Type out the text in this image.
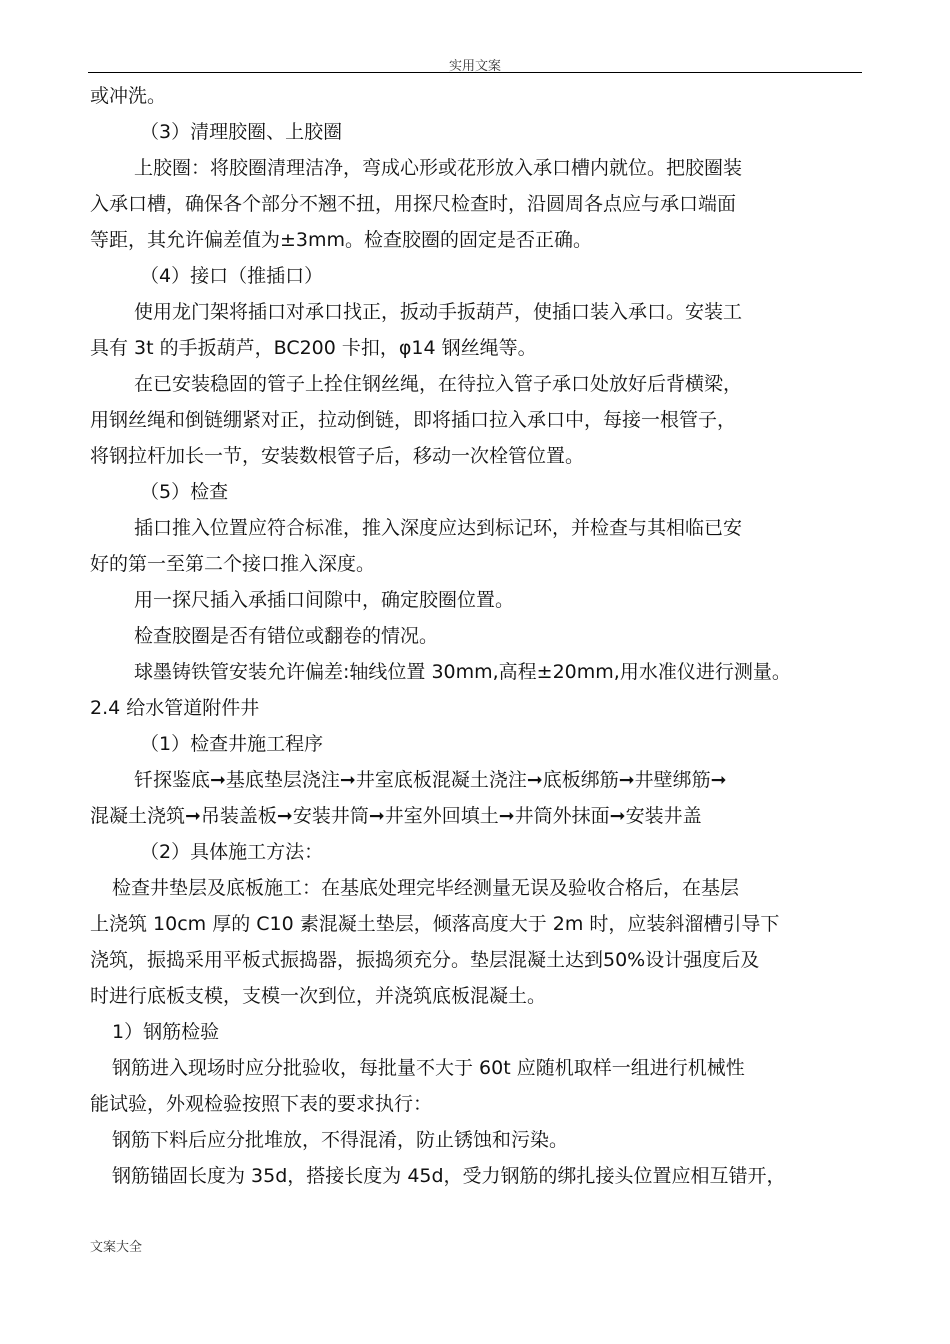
实用文案
或冲洗。
（3）清理胶圈、上胶圈
上胶圈：将胶圈清理洁净，弯成心形或花形放入承口槽内就位。把胶圈装
入承口槽，确保各个部分不翘不扭，用探尺检查时，沿圆周各点应与承口端面
等距，其允许偏差值为±3mm。检查胶圈的固定是否正确。
（4）接口（推插口）
使用龙门架将插口对承口找正，扳动手扳葫芦，使插口装入承口。安装工
具有 3t 的手扳葫芦，BC200 卡扣，φ14 钢丝绳等。
在已安装稳固的管子上拴住钢丝绳，在待拉入管子承口处放好后背横梁，
用钢丝绳和倒链绷紧对正，拉动倒链，即将插口拉入承口中，每接一根管子，
将钢拉杆加长一节，安装数根管子后，移动一次栓管位置。
（5）检查
插口推入位置应符合标准，推入深度应达到标记环，并检查与其相临已安
好的第一至第二个接口推入深度。
用一探尺插入承插口间隙中，确定胶圈位置。
检查胶圈是否有错位或翻卷的情况。
球墨铸铁管安装允许偏差:轴线位置 30mm,高程±20mm,用水准仪进行测量。
2.4 给水管道附件井
（1）检查井施工程序
钎探鉴底➞基底垫层浇注➞井室底板混凝土浇注➞底板绑筋➞井壁绑筋➞
混凝土浇筑➞吊装盖板➞安装井筒➞井室外回填土➞井筒外抹面➞安装井盖
（2）具体施工方法：
检查井垫层及底板施工：在基底处理完毕经测量无误及验收合格后，在基层
上浇筑 10cm 厚的 C10 素混凝土垫层，倾落高度大于 2m 时，应装斜溜槽引导下
浇筑，振捣采用平板式振捣器，振捣须充分。垫层混凝土达到50%设计强度后及
时进行底板支模，支模一次到位，并浇筑底板混凝土。
1）钢筋检验
钢筋进入现场时应分批验收，每批量不大于 60t 应随机取样一组进行机械性
能试验，外观检验按照下表的要求执行：
钢筋下料后应分批堆放，不得混淆，防止锈蚀和污染。
钢筋锚固长度为 35d，搭接长度为 45d，受力钢筋的绑扎接头位置应相互错开，
文案大全
